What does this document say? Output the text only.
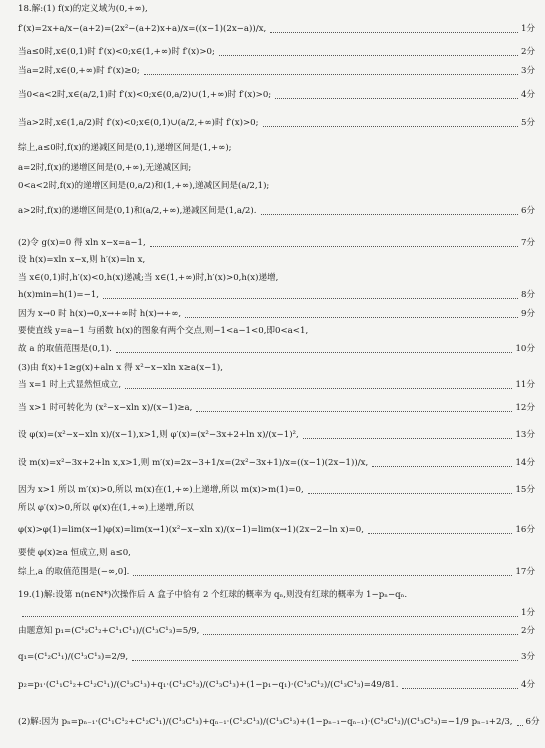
18.解:(1) f(x)的定义域为(0,+∞),
f′(x)=2x+a/x−(a+2)=(2x²−(a+2)x+a)/x=((x−1)(2x−a))/x,	1分
当a≤0时,x∈(0,1)时 f′(x)<0;x∈(1,+∞)时 f′(x)>0;	2分
当a=2时,x∈(0,+∞)时 f′(x)≥0;	3分
当0<a<2时,x∈(a/2,1)时 f′(x)<0;x∈(0,a/2)∪(1,+∞)时 f′(x)>0;	4分
当a>2时,x∈(1,a/2)时 f′(x)<0;x∈(0,1)∪(a/2,+∞)时 f′(x)>0;	5分
综上,a≤0时,f(x)的递减区间是(0,1),递增区间是(1,+∞);
a=2时,f(x)的递增区间是(0,+∞),无递减区间;
0<a<2时,f(x)的递增区间是(0,a/2)和(1,+∞),递减区间是(a/2,1);
a>2时,f(x)的递增区间是(0,1)和(a/2,+∞),递减区间是(1,a/2).	6分
(2)令 g(x)=0 得 xln x−x=a−1,	7分
设 h(x)=xln x−x,则 h′(x)=ln x,
当 x∈(0,1)时,h′(x)<0,h(x)递减;当 x∈(1,+∞)时,h′(x)>0,h(x)递增,
h(x)min=h(1)=−1,	8分
因为 x→0 时 h(x)→0,x→+∞时 h(x)→+∞,	9分
要使直线 y=a−1 与函数 h(x)的图象有两个交点,则−1<a−1<0,即0<a<1,
故 a 的取值范围是(0,1).	10分
(3)由 f(x)+1≥g(x)+aln x 得 x²−x−xln x≥a(x−1),
当 x=1 时上式显然恒成立,	11分
当 x>1 时可转化为 (x²−x−xln x)/(x−1)≥a,	12分
设 φ(x)=(x²−x−xln x)/(x−1),x>1,则 φ′(x)=(x²−3x+2+ln x)/(x−1)²,	13分
设 m(x)=x²−3x+2+ln x,x>1,则 m′(x)=2x−3+1/x=(2x²−3x+1)/x=((x−1)(2x−1))/x,	14分
因为 x>1 所以 m′(x)>0,所以 m(x)在(1,+∞)上递增,所以 m(x)>m(1)=0,	15分
所以 φ′(x)>0,所以 φ(x)在(1,+∞)上递增,所以
φ(x)>φ(1)=lim(x→1)φ(x)=lim(x→1)(x²−x−xln x)/(x−1)=lim(x→1)(2x−2−ln x)=0,	16分
要使 φ(x)≥a 恒成立,则 a≤0,
综上,a 的取值范围是(−∞,0].	17分
19.(1)解:设第 n(n∈N*)次操作后 A 盒子中恰有 2 个红球的概率为 qₙ,则没有红球的概率为 1−pₙ−qₙ.
1分
由题意知 p₁=(C¹₂C¹₂+C¹₁C¹₁)/(C¹₃C¹₃)=5/9,	2分
q₁=(C¹₂C¹₁)/(C¹₃C¹₃)=2/9,	3分
p₂=p₁·(C¹₁C¹₂+C¹₂C¹₁)/(C¹₃C¹₃)+q₁·(C¹₂C¹₃)/(C¹₃C¹₃)+(1−p₁−q₁)·(C¹₃C¹₂)/(C¹₃C¹₃)=49/81.	4分
(2)解:因为 pₙ=pₙ₋₁·(C¹₁C¹₂+C¹₂C¹₁)/(C¹₃C¹₃)+qₙ₋₁·(C¹₂C¹₃)/(C¹₃C¹₃)+(1−pₙ₋₁−qₙ₋₁)·(C¹₃C¹₂)/(C¹₃C¹₃)=−1/9 pₙ₋₁+2/3, 6分
